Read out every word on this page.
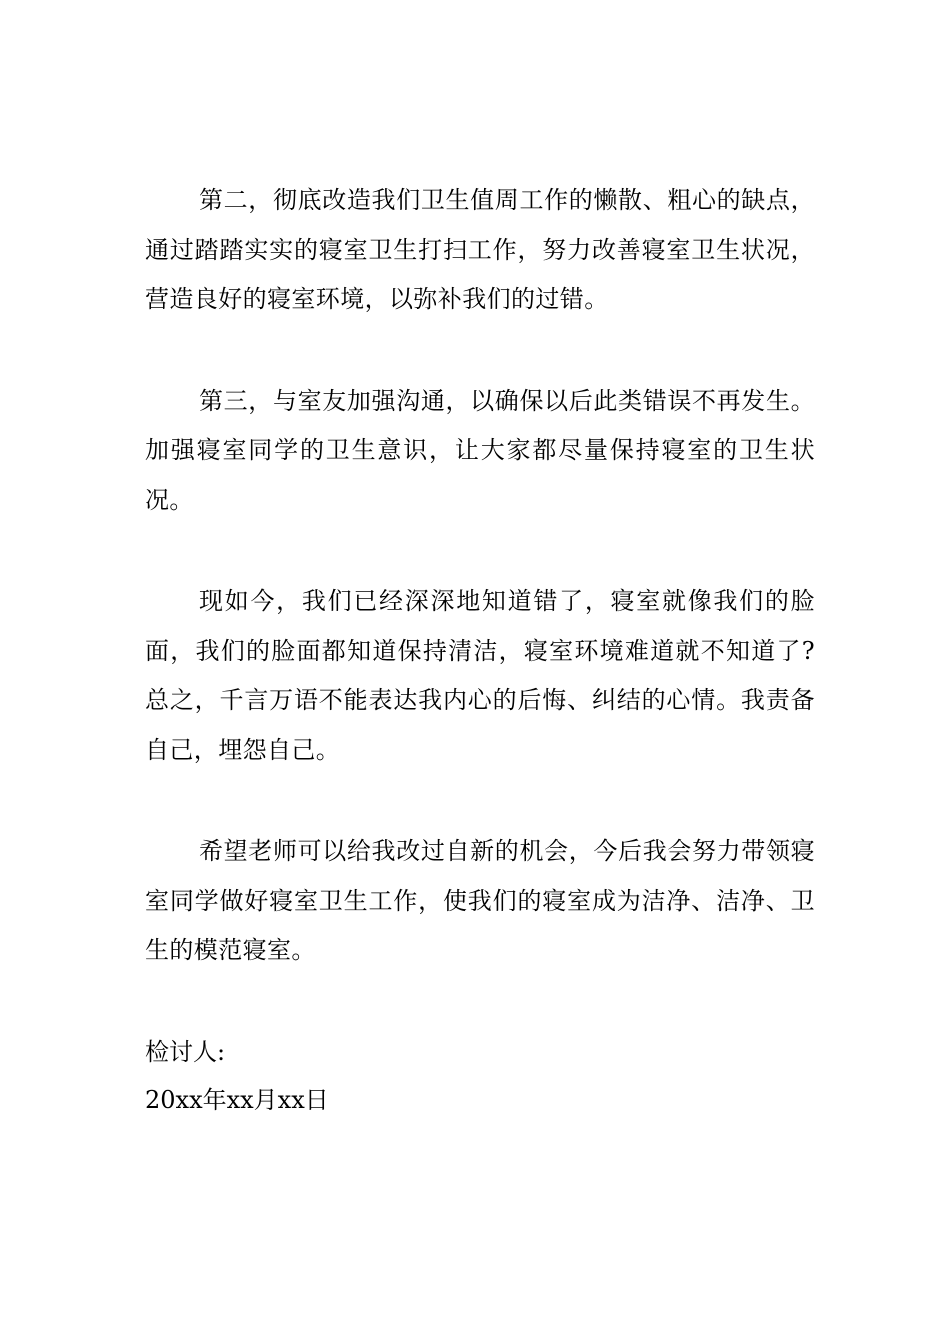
第二，彻底改造我们卫生值周工作的懒散、粗心的缺点，通过踏踏实实的寝室卫生打扫工作，努力改善寝室卫生状况，营造良好的寝室环境，以弥补我们的过错。

第三，与室友加强沟通，以确保以后此类错误不再发生。加强寝室同学的卫生意识，让大家都尽量保持寝室的卫生状况。

现如今，我们已经深深地知道错了，寝室就像我们的脸面，我们的脸面都知道保持清洁，寝室环境难道就不知道了?总之，千言万语不能表达我内心的后悔、纠结的心情。我责备自己，埋怨自己。

希望老师可以给我改过自新的机会，今后我会努力带领寝室同学做好寝室卫生工作，使我们的寝室成为洁净、洁净、卫生的模范寝室。

检讨人:
20xx年xx月xx日
